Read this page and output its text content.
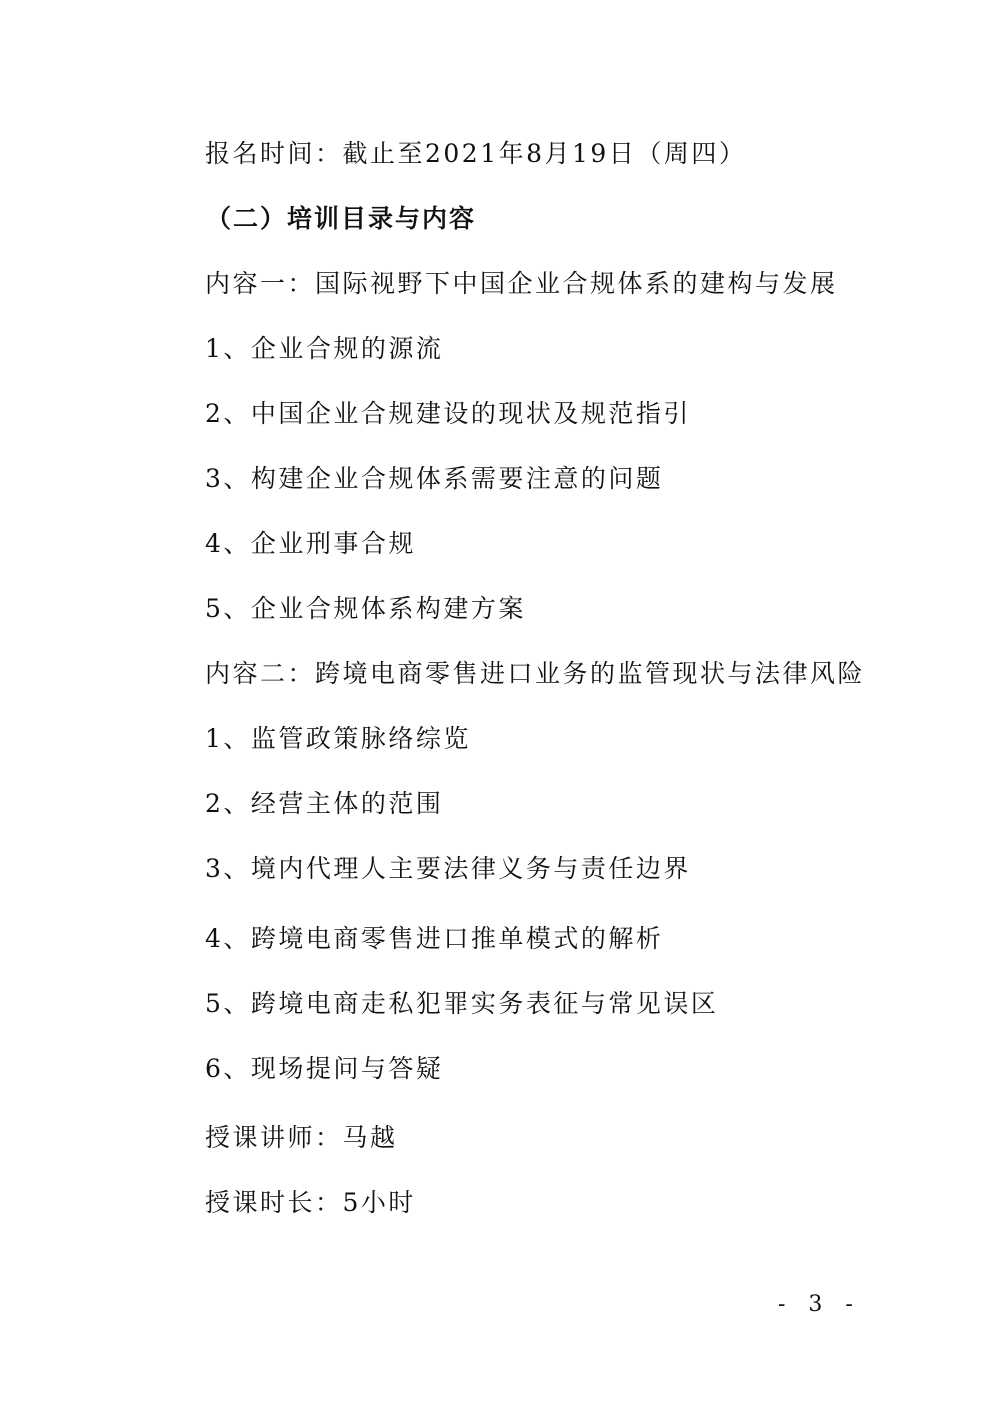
报名时间：截止至2021年8月19日（周四）
（二）培训目录与内容
内容一：国际视野下中国企业合规体系的建构与发展
1、企业合规的源流
2、中国企业合规建设的现状及规范指引
3、构建企业合规体系需要注意的问题
4、企业刑事合规
5、企业合规体系构建方案
内容二：跨境电商零售进口业务的监管现状与法律风险
1、监管政策脉络综览
2、经营主体的范围
3、境内代理人主要法律义务与责任边界
4、跨境电商零售进口推单模式的解析
5、跨境电商走私犯罪实务表征与常见误区
6、现场提问与答疑
授课讲师：马越
授课时长：5小时
- 3 -
